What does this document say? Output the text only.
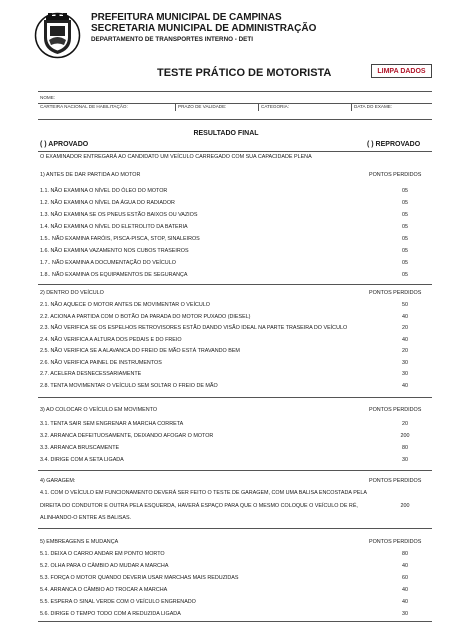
PREFEITURA MUNICIPAL DE CAMPINAS
SECRETARIA MUNICIPAL DE ADMINISTRAÇÃO
DEPARTAMENTO DE TRANSPORTES INTERNO - DETI
TESTE PRÁTICO DE MOTORISTA	LIMPA DADOS
NOME:
CARTEIRA NACIONAL DE HABILITAÇÃO:	PRAZO DE VALIDADE:	CATEGORIA:	DATA DO EXAME:
RESULTADO FINAL
( ) APROVADO	( ) REPROVADO
O EXAMINADOR ENTREGARÁ AO CANDIDATO UM VEÍCULO CARREGADO COM SUA CAPACIDADE PLENA
1) ANTES DE DAR PARTIDA AO MOTOR	PONTOS PERDIDOS
1.1. NÃO EXAMINA O NÍVEL DO ÓLEO DO MOTOR	05
1.2. NÃO EXAMINA O NÍVEL DA ÁGUA DO RADIADOR	05
1.3. NÃO EXAMINA SE OS PNEUS ESTÃO BAIXOS OU VAZIOS	05
1.4. NÃO EXAMINA O NÍVEL DO ELETROLITO DA BATERIA	05
1.5.. NÃO EXAMINA FARÓIS, PISCA-PISCA, STOP, SINALEIROS	05
1.6. NÃO EXAMINA VAZAMENTO NOS CUBOS TRASEIROS	05
1.7.. NÃO EXAMINA A DOCUMENTAÇÃO DO VEÍCULO	05
1.8.. NÃO EXAMINA OS EQUIPAMENTOS DE SEGURANÇA	05
2) DENTRO DO VEÍCULO	PONTOS PERDIDOS
2.1. NÃO AQUECE O MOTOR ANTES DE MOVIMENTAR O VEÍCULO	50
2.2. ACIONA A PARTIDA COM O BOTÃO DA PARADA DO MOTOR PUXADO (DIESEL)	40
2.3. NÃO VERIFICA SE OS ESPELHOS RETROVISORES ESTÃO DANDO VISÃO IDEAL NA PARTE TRASEIRA DO VEÍCULO	20
2.4. NÃO VERIFICA A ALTURA DOS PEDAIS E DO FREIO	40
2.5. NÃO VERIFICA SE A ALAVANCA DO FREIO DE MÃO ESTÁ TRAVANDO BEM	20
2.6. NÃO VERIFICA PAINEL DE INSTRUMENTOS	30
2.7. ACELERA DESNECESSARIAMENTE	30
2.8. TENTA MOVIMENTAR O VEÍCULO SEM SOLTAR O FREIO DE MÃO	40
3) AO COLOCAR O VEÍCULO EM MOVIMENTO	PONTOS PERDIDOS
3.1. TENTA SAIR SEM ENGRENAR A MARCHA CORRETA	20
3.2. ARRANCA DEFEITUOSAMENTE, DEIXANDO AFOGAR O MOTOR	200
3.3. ARRANCA BRUSCAMENTE	80
3.4. DIRIGE COM A SETA LIGADA	30
4) GARAGEM:	PONTOS PERDIDOS
4.1. COM O VEÍCULO EM FUNCIONAMENTO DEVERÁ SER FEITO O TESTE DE GARAGEM, COM UMA BALISA ENCOSTADA PELA
DIREITA DO CONDUTOR E OUTRA PELA ESQUERDA, HAVERÁ ESPAÇO PARA QUE O MESMO COLOQUE O VEÍCULO DE RÉ,	200
ALINHANDO-O ENTRE AS BALISAS.
5) EMBREAGENS E MUDANÇA	PONTOS PERDIDOS
5.1. DEIXA O CARRO ANDAR EM PONTO MORTO	80
5.2. OLHA PARA O CÂMBIO AO MUDAR A MARCHA	40
5.3. FORÇA O MOTOR QUANDO DEVERIA USAR MARCHAS MAIS REDUZIDAS	60
5.4. ARRANCA O CÂMBIO AO TROCAR A MARCHA	40
5.5. ESPERA O SINAL VERDE COM O VEÍCULO ENGRENADO	40
5.6. DIRIGE O TEMPO TODO COM A REDUZIDA LIGADA	30
